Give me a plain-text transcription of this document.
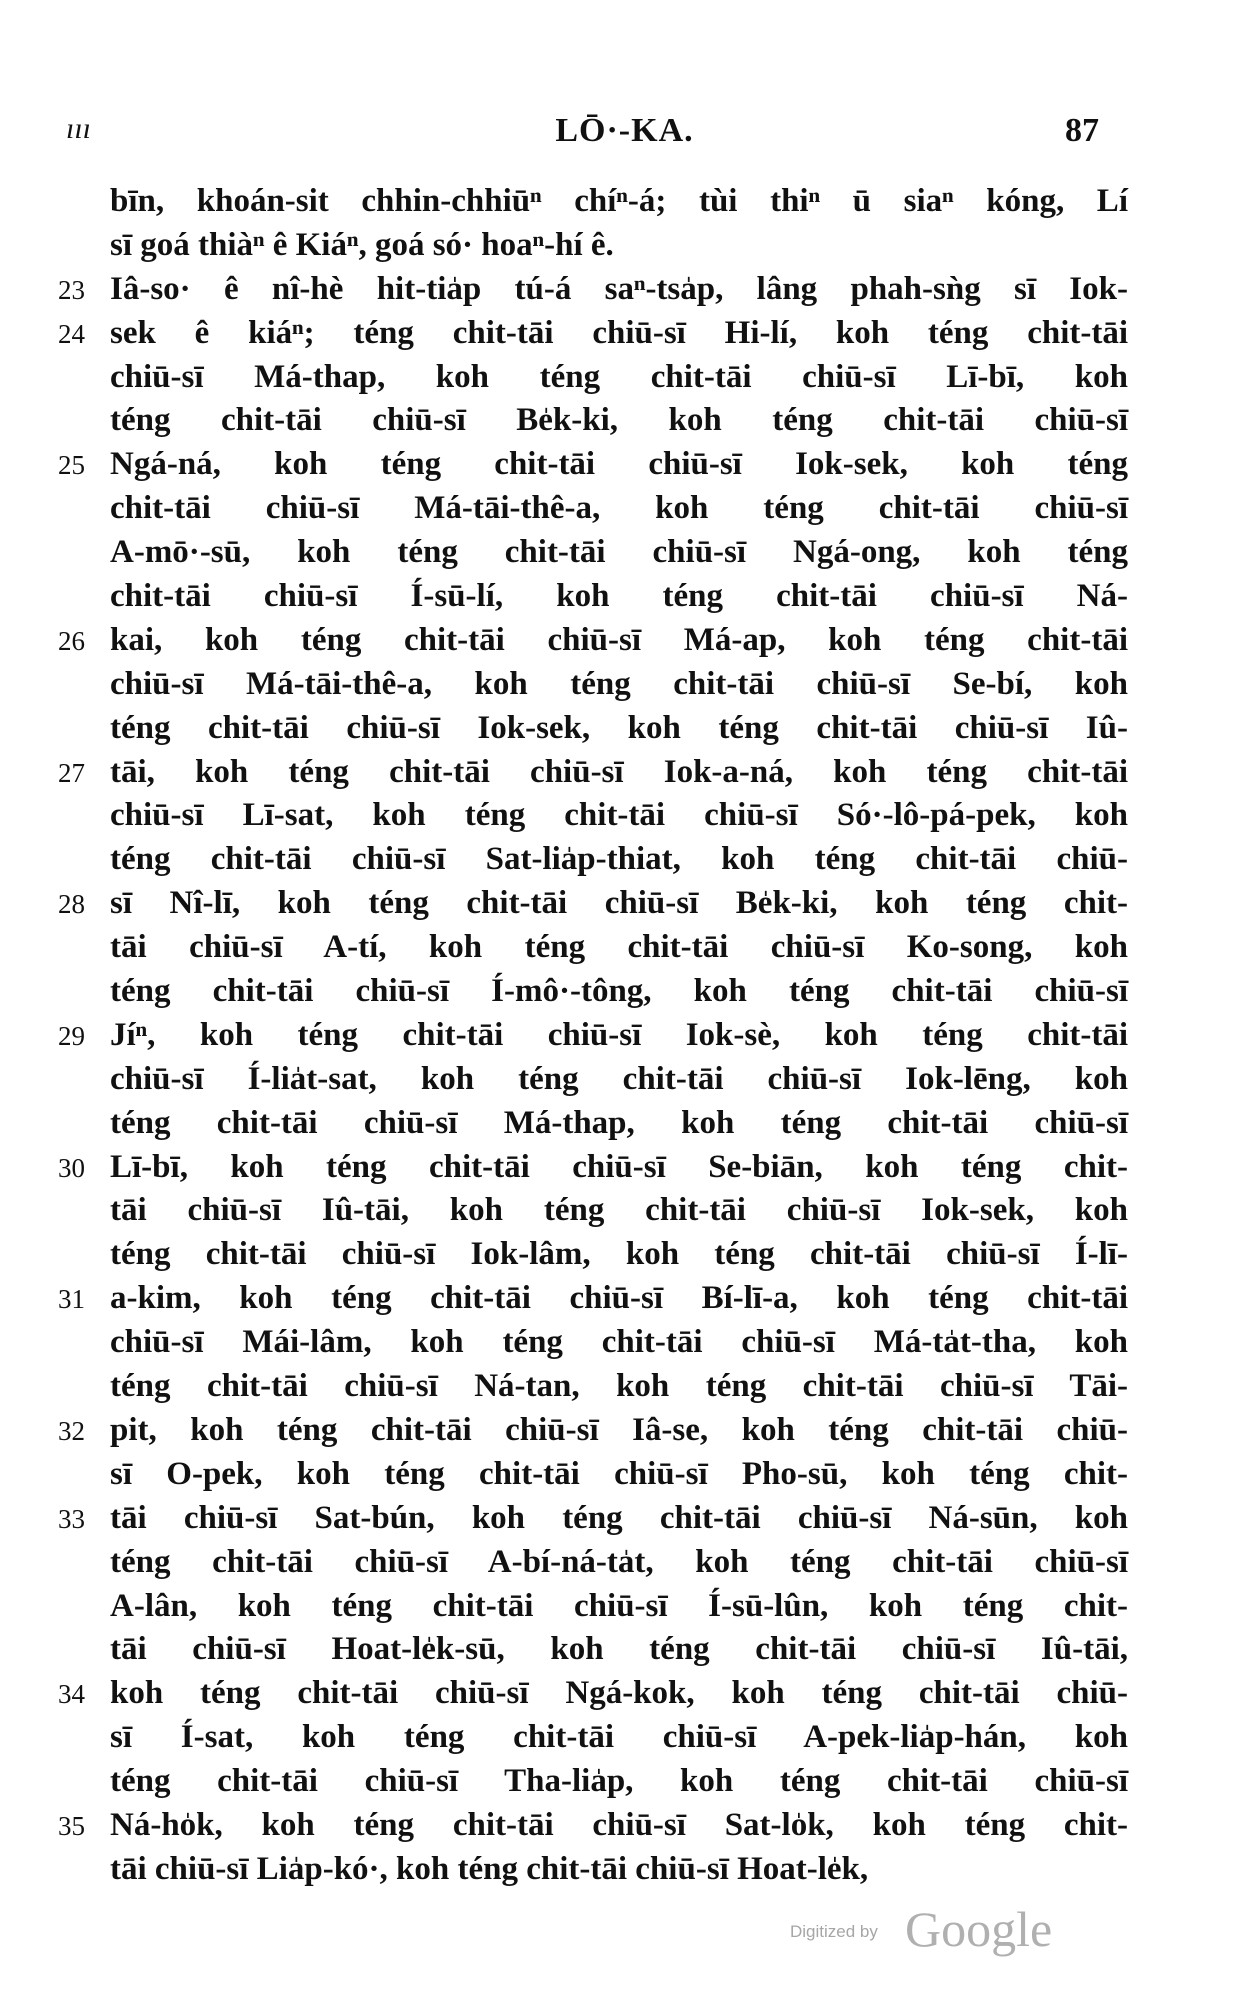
ııı	LŌ·-KA.	87
bīn, khoán-sit chhin-chhiūⁿ chíⁿ-á; tùi thiⁿ ū siaⁿ kóng, Lí
sī goá thiàⁿ ê Kiáⁿ, goá só· hoaⁿ-hí ê.
23 Iâ-so· ê nî-hè hit-tia̍p tú-á saⁿ-tsa̍p, lâng phah-sǹg sī Iok-
24 sek ê kiáⁿ; téng chit-tāi chiū-sī Hi-lí, koh téng chit-tāi
chiū-sī Má-thap, koh téng chit-tāi chiū-sī Lī-bī, koh
téng chit-tāi chiū-sī Be̍k-ki, koh téng chit-tāi chiū-sī
25 Ngá-ná, koh téng chit-tāi chiū-sī Iok-sek, koh téng
chit-tāi chiū-sī Má-tāi-thê-a, koh téng chit-tāi chiū-sī
A-mō·-sū, koh téng chit-tāi chiū-sī Ngá-ong, koh téng
chit-tāi chiū-sī Í-sū-lí, koh téng chit-tāi chiū-sī Ná-
26 kai, koh téng chit-tāi chiū-sī Má-ap, koh téng chit-tāi
chiū-sī Má-tāi-thê-a, koh téng chit-tāi chiū-sī Se-bí, koh
téng chit-tāi chiū-sī Iok-sek, koh téng chit-tāi chiū-sī Iû-
27 tāi, koh téng chit-tāi chiū-sī Iok-a-ná, koh téng chit-tāi
chiū-sī Lī-sat, koh téng chit-tāi chiū-sī Só·-lô-pá-pek, koh
téng chit-tāi chiū-sī Sat-lia̍p-thiat, koh téng chit-tāi chiū-
28 sī Nî-lī, koh téng chit-tāi chiū-sī Be̍k-ki, koh téng chit-
tāi chiū-sī A-tí, koh téng chit-tāi chiū-sī Ko-song, koh
téng chit-tāi chiū-sī Í-mô·-tông, koh téng chit-tāi chiū-sī
29 Jíⁿ, koh téng chit-tāi chiū-sī Iok-sè, koh téng chit-tāi
chiū-sī Í-lia̍t-sat, koh téng chit-tāi chiū-sī Iok-lēng, koh
téng chit-tāi chiū-sī Má-thap, koh téng chit-tāi chiū-sī
30 Lī-bī, koh téng chit-tāi chiū-sī Se-biān, koh téng chit-
tāi chiū-sī Iû-tāi, koh téng chit-tāi chiū-sī Iok-sek, koh
téng chit-tāi chiū-sī Iok-lâm, koh téng chit-tāi chiū-sī Í-lī-
31 a-kim, koh téng chit-tāi chiū-sī Bí-lī-a, koh téng chit-tāi
chiū-sī Mái-lâm, koh téng chit-tāi chiū-sī Má-ta̍t-tha, koh
téng chit-tāi chiū-sī Ná-tan, koh téng chit-tāi chiū-sī Tāi-
32 pit, koh téng chit-tāi chiū-sī Iâ-se, koh téng chit-tāi chiū-
sī O-pek, koh téng chit-tāi chiū-sī Pho-sū, koh téng chit-
33 tāi chiū-sī Sat-bún, koh téng chit-tāi chiū-sī Ná-sūn, koh
téng chit-tāi chiū-sī A-bí-ná-ta̍t, koh téng chit-tāi chiū-sī
A-lân, koh téng chit-tāi chiū-sī Í-sū-lûn, koh téng chit-
tāi chiū-sī Hoat-le̍k-sū, koh téng chit-tāi chiū-sī Iû-tāi,
34 koh téng chit-tāi chiū-sī Ngá-kok, koh téng chit-tāi chiū-
sī Í-sat, koh téng chit-tāi chiū-sī A-pek-lia̍p-hán, koh
téng chit-tāi chiū-sī Tha-lia̍p, koh téng chit-tāi chiū-sī
35 Ná-ho̍k, koh téng chit-tāi chiū-sī Sat-lo̍k, koh téng chit-
tāi chiū-sī Lia̍p-kó·, koh téng chit-tāi chiū-sī Hoat-le̍k,
Digitized by Google
